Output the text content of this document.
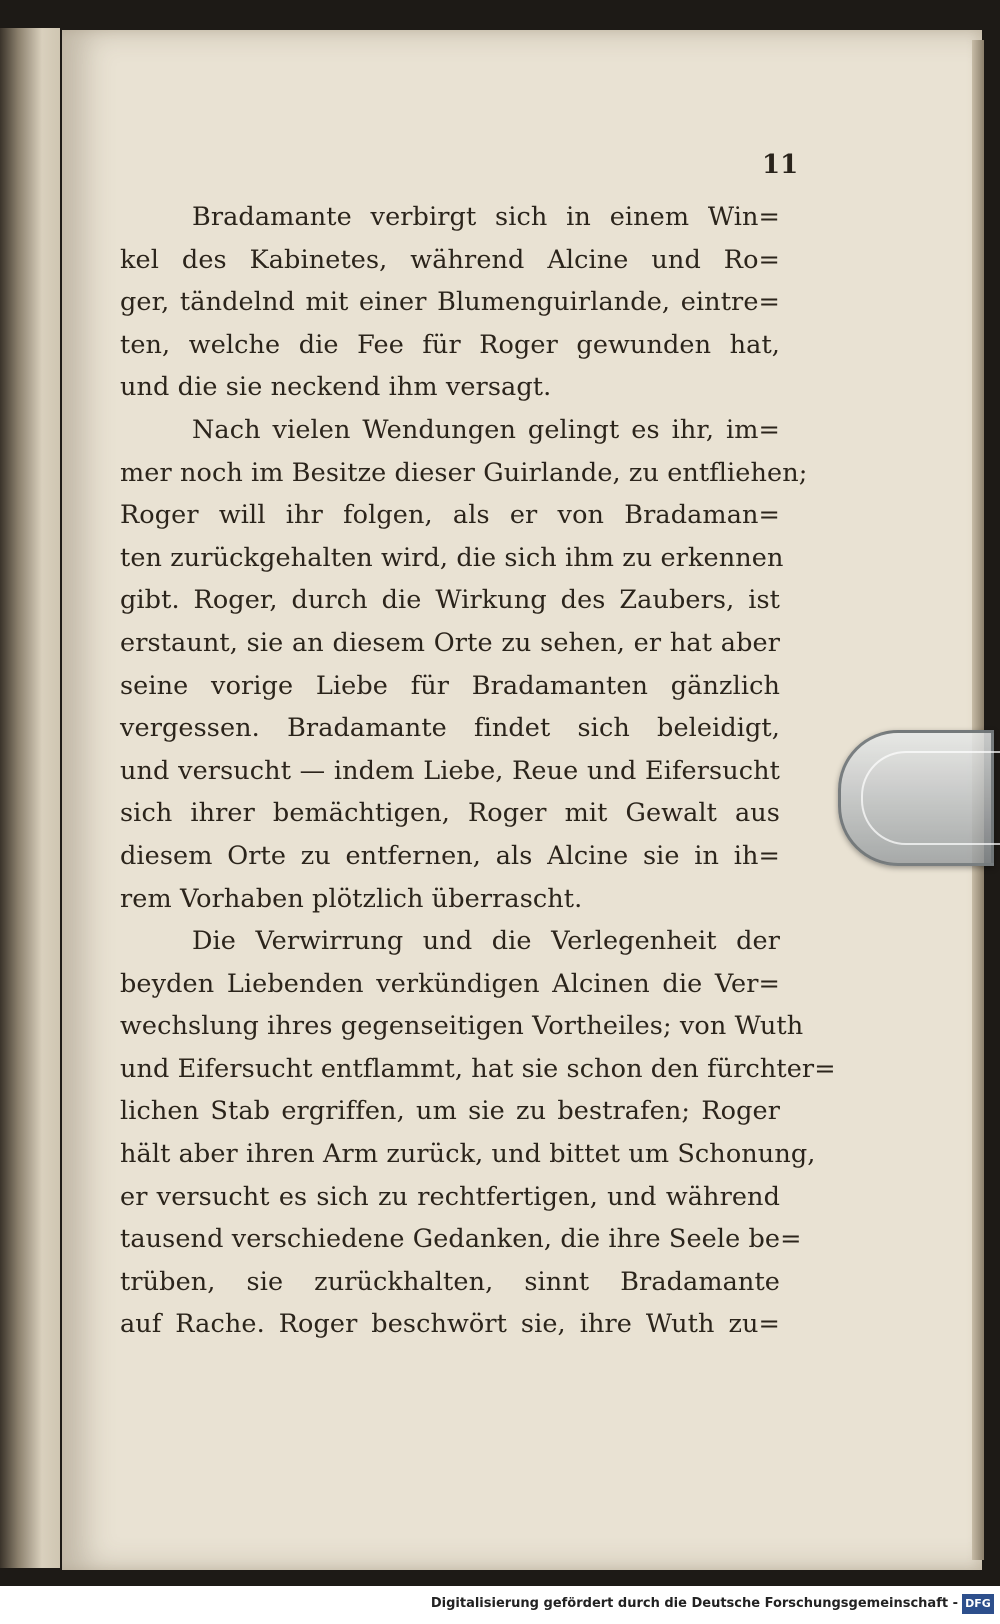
11
Bradamante verbirgt sich in einem Win=
kel des Kabinetes, während Alcine und Ro=
ger, tändelnd mit einer Blumenguirlande, eintre=
ten, welche die Fee für Roger gewunden hat,
und die sie neckend ihm versagt.
Nach vielen Wendungen gelingt es ihr, im=
mer noch im Besitze dieser Guirlande, zu entfliehen;
Roger will ihr folgen, als er von Bradaman=
ten zurückgehalten wird, die sich ihm zu erkennen
gibt. Roger, durch die Wirkung des Zaubers, ist
erstaunt, sie an diesem Orte zu sehen, er hat aber
seine vorige Liebe für Bradamanten gänzlich
vergessen. Bradamante findet sich beleidigt,
und versucht — indem Liebe, Reue und Eifersucht
sich ihrer bemächtigen, Roger mit Gewalt aus
diesem Orte zu entfernen, als Alcine sie in ih=
rem Vorhaben plötzlich überrascht.
Die Verwirrung und die Verlegenheit der
beyden Liebenden verkündigen Alcinen die Ver=
wechslung ihres gegenseitigen Vortheiles; von Wuth
und Eifersucht entflammt, hat sie schon den fürchter=
lichen Stab ergriffen, um sie zu bestrafen; Roger
hält aber ihren Arm zurück, und bittet um Schonung,
er versucht es sich zu rechtfertigen, und während
tausend verschiedene Gedanken, die ihre Seele be=
trüben, sie zurückhalten, sinnt Bradamante
auf Rache. Roger beschwört sie, ihre Wuth zu=
Digitalisierung gefördert durch die Deutsche Forschungsgemeinschaft - DFG
